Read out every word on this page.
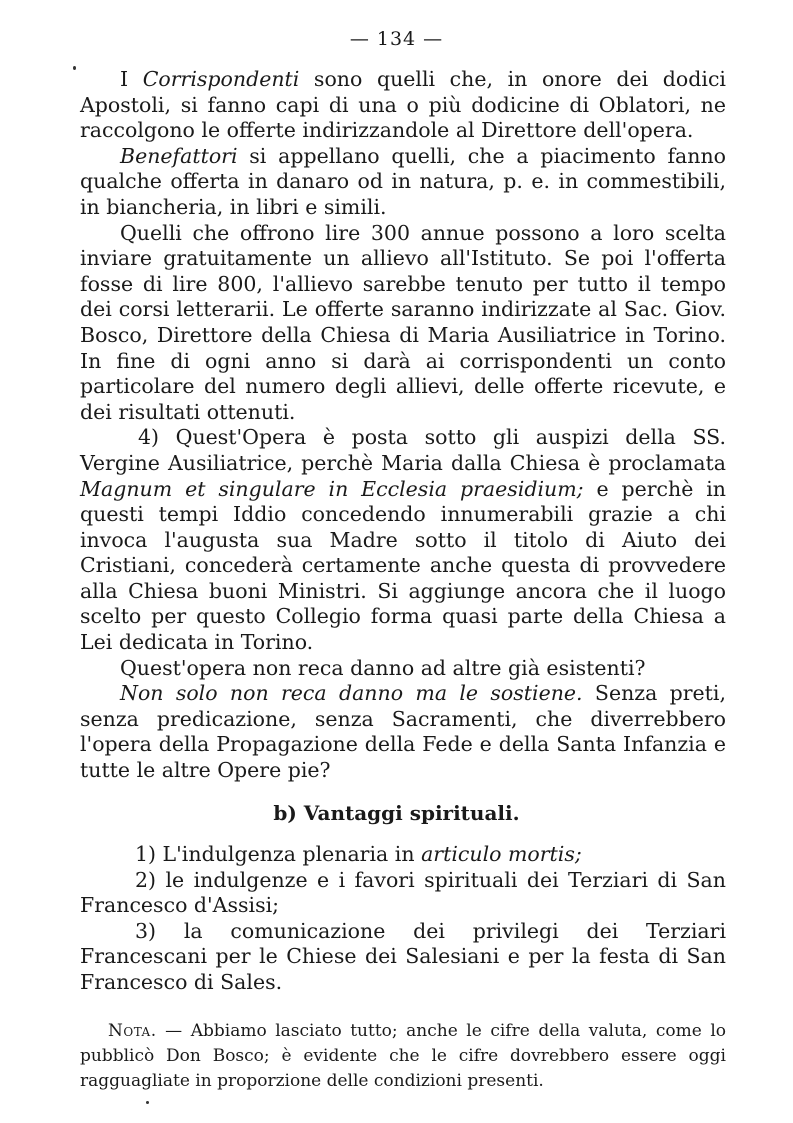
— 134 —

I Corrispondenti sono quelli che, in onore dei dodici Apostoli, si fanno capi di una o più dodicine di Oblatori, ne raccolgono le offerte indirizzandole al Direttore dell'opera.

Benefattori si appellano quelli, che a piacimento fanno qualche offerta in danaro od in natura, p. e. in commestibili, in biancheria, in libri e simili.

Quelli che offrono lire 300 annue possono a loro scelta inviare gratuitamente un allievo all'Istituto. Se poi l'offerta fosse di lire 800, l'allievo sarebbe tenuto per tutto il tempo dei corsi letterarii. Le offerte saranno indirizzate al Sac. Giov. Bosco, Direttore della Chiesa di Maria Ausiliatrice in Torino. In fine di ogni anno si darà ai corrispondenti un conto particolare del numero degli allievi, delle offerte ricevute, e dei risultati ottenuti.

4) Quest'Opera è posta sotto gli auspizi della SS. Vergine Ausiliatrice, perchè Maria dalla Chiesa è proclamata Magnum et singulare in Ecclesia praesidium; e perchè in questi tempi Iddio concedendo innumerabili grazie a chi invoca l'augusta sua Madre sotto il titolo di Aiuto dei Cristiani, concederà certamente anche questa di provvedere alla Chiesa buoni Ministri. Si aggiunge ancora che il luogo scelto per questo Collegio forma quasi parte della Chiesa a Lei dedicata in Torino.

Quest'opera non reca danno ad altre già esistenti?

Non solo non reca danno ma le sostiene. Senza preti, senza predicazione, senza Sacramenti, che diverrebbero l'opera della Propagazione della Fede e della Santa Infanzia e tutte le altre Opere pie?

b) Vantaggi spirituali.

1) L'indulgenza plenaria in articulo mortis;

2) le indulgenze e i favori spirituali dei Terziari di San Francesco d'Assisi;

3) la comunicazione dei privilegi dei Terziari Francescani per le Chiese dei Salesiani e per la festa di San Francesco di Sales.

Nota. — Abbiamo lasciato tutto; anche le cifre della valuta, come lo pubblicò Don Bosco; è evidente che le cifre dovrebbero essere oggi ragguagliate in proporzione delle condizioni presenti.
